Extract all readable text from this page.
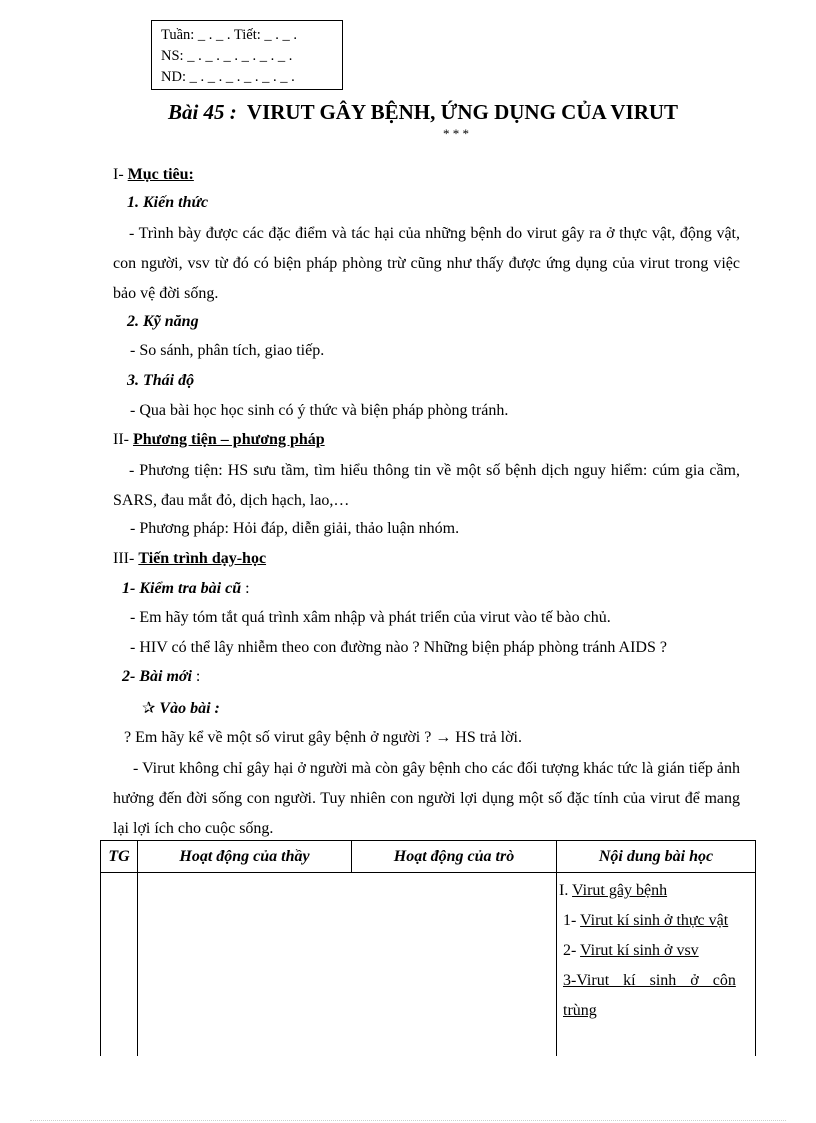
Tuần: _ . _ . Tiết: _ . _ .
NS: _ . _ . _ . _ . _ . _ .
ND: _ . _ . _ . _ . _ . _ .
Bài 45 : VIRUT GÂY BỆNH, ỨNG DỤNG CỦA VIRUT
* * *
I- Mục tiêu:
1. Kiến thức
- Trình bày được các đặc điểm và tác hại của những bệnh do virut gây ra ở thực vật, động vật, con người, vsv từ đó có biện pháp phòng trừ cũng như thấy được ứng dụng của virut trong việc bảo vệ đời sống.
2. Kỹ năng
- So sánh, phân tích, giao tiếp.
3. Thái độ
- Qua bài học học sinh có ý thức và biện pháp phòng tránh.
II- Phương tiện – phương pháp
- Phương tiện: HS sưu tầm, tìm hiểu thông tin về một số bệnh dịch nguy hiểm: cúm gia cầm, SARS, đau mắt đỏ, dịch hạch, lao,…
- Phương pháp: Hỏi đáp, diễn giải, thảo luận nhóm.
III- Tiến trình dạy-học
1- Kiểm tra bài cũ :
- Em hãy tóm tắt quá trình xâm nhập và phát triển của virut vào tế bào chủ.
- HIV có thể lây nhiễm theo con đường nào ? Những biện pháp phòng tránh AIDS ?
2- Bài mới :
✰ Vào bài :
? Em hãy kể về một số virut gây bệnh ở người ? → HS trả lời.
- Virut không chỉ gây hại ở người mà còn gây bệnh cho các đối tượng khác tức là gián tiếp ảnh hưởng đến đời sống con người. Tuy nhiên con người lợi dụng một số đặc tính của virut để mang lại lợi ích cho cuộc sống.
TG	Hoạt động của thầy	Hoạt động của trò	Nội dung bài học

			I. Virut gây bệnh
1- Virut kí sinh ở thực vật
2- Virut kí sinh ở vsv
3-Virut kí sinh ở côn
trùng
